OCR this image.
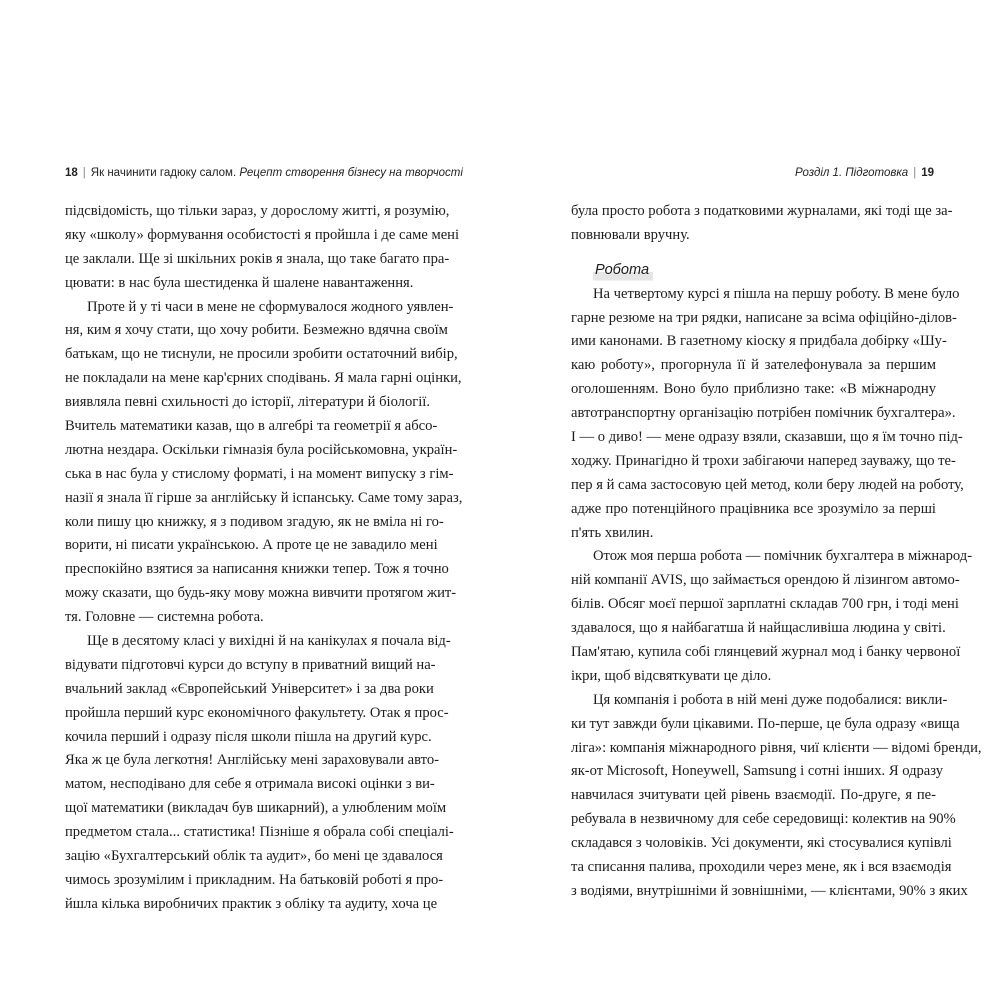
18 | Як начинити гадюку салом. Рецепт створення бізнесу на творчості
підсвідомість, що тільки зараз, у дорослому житті, я розумію,
яку «школу» формування особистості я пройшла і де саме мені
це заклали. Ще зі шкільних років я знала, що таке багато пра-
цювати: в нас була шестиденка й шалене навантаження.
Проте й у ті часи в мене не сформувалося жодного уявлен-
ня, ким я хочу стати, що хочу робити. Безмежно вдячна своїм
батькам, що не тиснули, не просили зробити остаточний вибір,
не покладали на мене кар'єрних сподівань. Я мала гарні оцінки,
виявляла певні схильності до історії, літератури й біології.
Вчитель математики казав, що в алгебрі та геометрії я абсо-
лютна нездара. Оскільки гімназія була російськомовна, україн-
ська в нас була у стислому форматі, і на момент випуску з гім-
назії я знала її гірше за англійську й іспанську. Саме тому зараз,
коли пишу цю книжку, я з подивом згадую, як не вміла ні го-
ворити, ні писати українською. А проте це не завадило мені
преспокійно взятися за написання книжки тепер. Тож я точно
можу сказати, що будь-яку мову можна вивчити протягом жит-
тя. Головне — системна робота.
Ще в десятому класі у вихідні й на канікулах я почала від-
відувати підготовчі курси до вступу в приватний вищий на-
вчальний заклад «Європейський Університет» і за два роки
пройшла перший курс економічного факультету. Отак я прос-
кочила перший і одразу після школи пішла на другий курс.
Яка ж це була легкотня! Англійську мені зараховували авто-
матом, несподівано для себе я отримала високі оцінки з ви-
щої математики (викладач був шикарний), а улюбленим моїм
предметом стала... статистика! Пізніше я обрала собі спеціалі-
зацію «Бухгалтерський облік та аудит», бо мені це здавалося
чимось зрозумілим і прикладним. На батьковій роботі я про-
йшла кілька виробничих практик з обліку та аудиту, хоча це
Розділ 1. Підготовка | 19
була просто робота з податковими журналами, які тоді ще за-
повнювали вручну.
Робота
На четвертому курсі я пішла на першу роботу. В мене було
гарне резюме на три рядки, написане за всіма офіційно-ділов-
ими канонами. В газетному кіоску я придбала добірку «Шу-
каю роботу», прогорнула її й зателефонувала за першим
оголошенням. Воно було приблизно таке: «В міжнародну
автотранспортну організацію потрібен помічник бухгалтера».
І — о диво! — мене одразу взяли, сказавши, що я їм точно під-
ходжу. Принагідно й трохи забігаючи наперед зауважу, що те-
пер я й сама застосовую цей метод, коли беру людей на роботу,
адже про потенційного працівника все зрозуміло за перші
п'ять хвилин.
Отож моя перша робота — помічник бухгалтера в міжнарод-
ній компанії AVIS, що займається орендою й лізингом автомо-
білів. Обсяг моєї першої зарплатні складав 700 грн, і тоді мені
здавалося, що я найбагатша й найщасливіша людина у світі.
Пам'ятаю, купила собі глянцевий журнал мод і банку червоної
ікри, щоб відсвяткувати це діло.
Ця компанія і робота в ній мені дуже подобалися: викли-
ки тут завжди були цікавими. По-перше, це була одразу «вища
ліга»: компанія міжнародного рівня, чиї клієнти — відомі бренди,
як-от Microsoft, Honeywell, Samsung і сотні інших. Я одразу
навчилася зчитувати цей рівень взаємодії. По-друге, я пе-
ребувала в незвичному для себе середовищі: колектив на 90%
складався з чоловіків. Усі документи, які стосувалися купівлі
та списання палива, проходили через мене, як і вся взаємодія
з водіями, внутрішніми й зовнішніми, — клієнтами, 90% з яких
